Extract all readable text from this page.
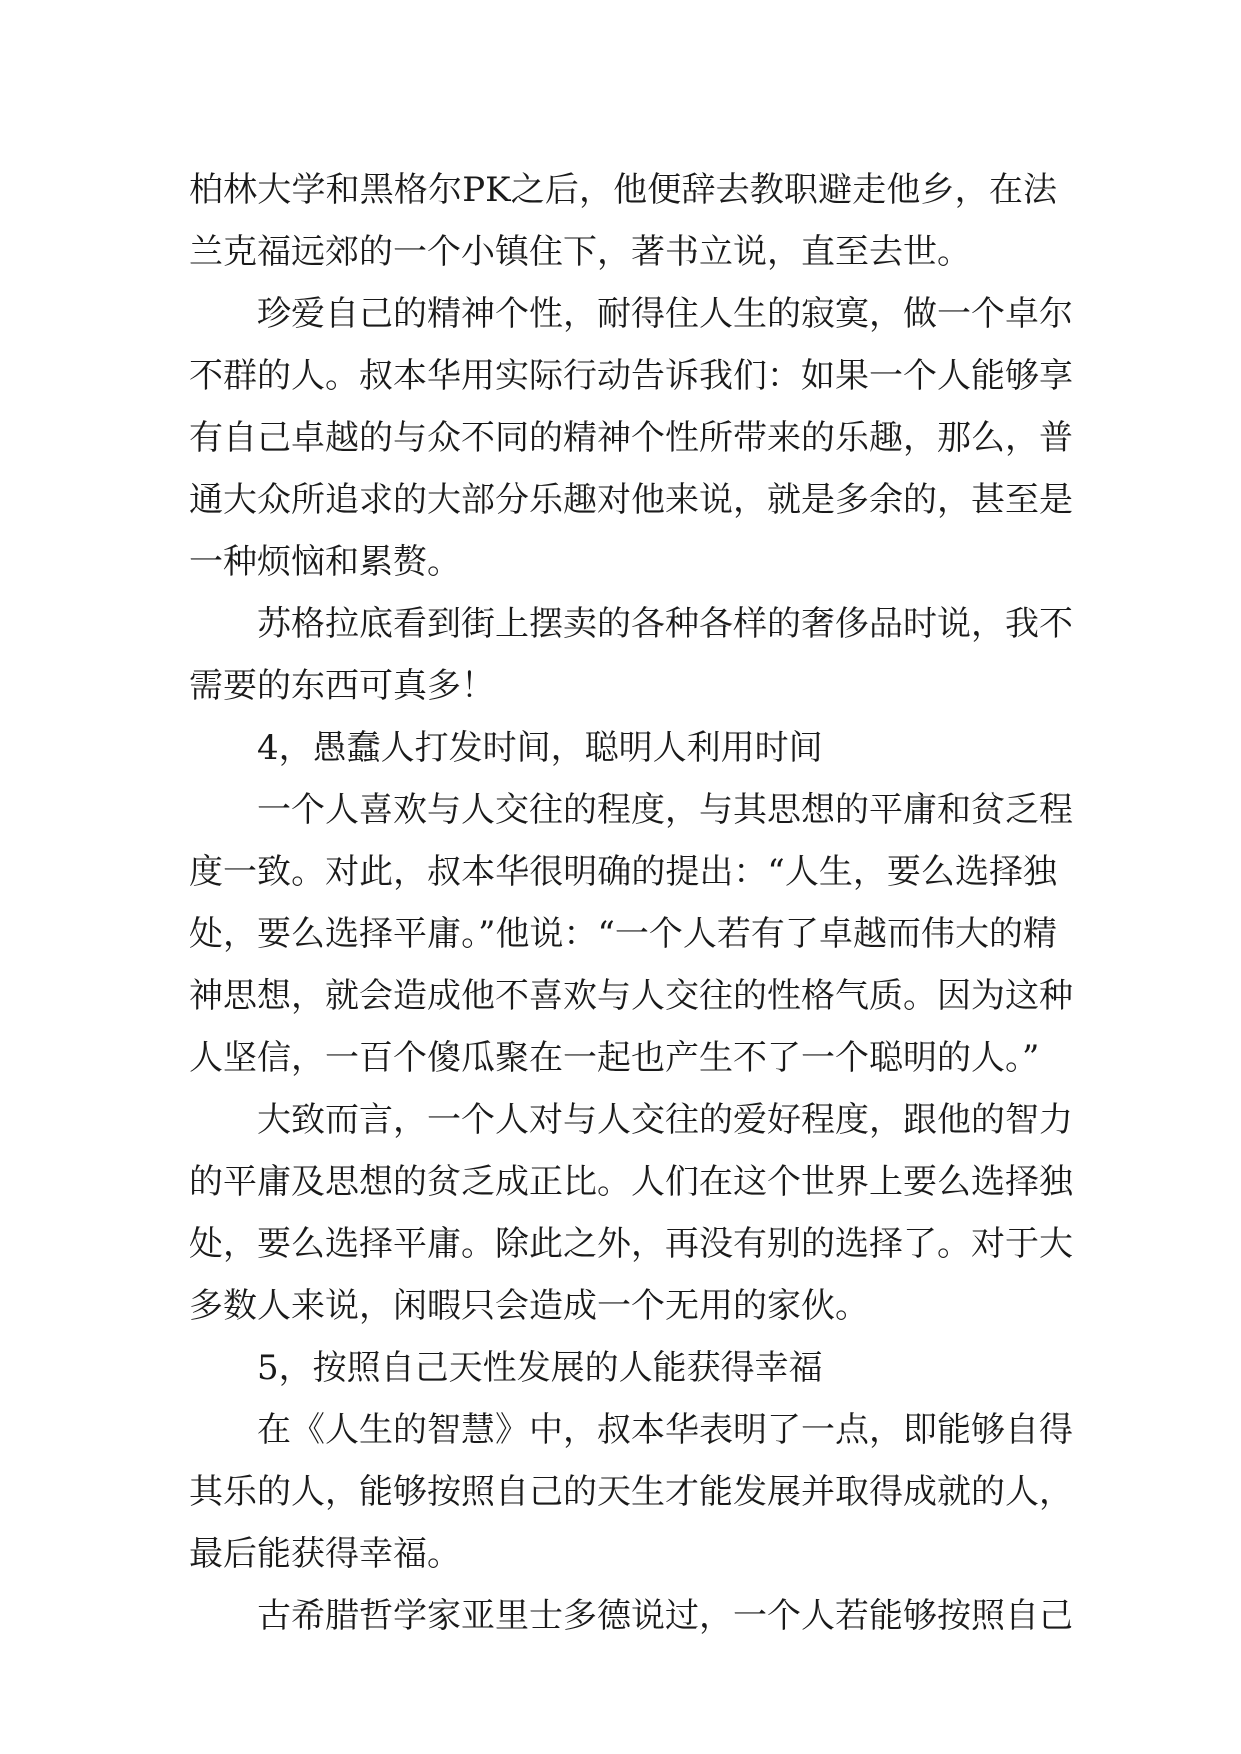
柏林大学和黑格尔PK之后，他便辞去教职避走他乡，在法
兰克福远郊的一个小镇住下，著书立说，直至去世。
珍爱自己的精神个性，耐得住人生的寂寞，做一个卓尔
不群的人。叔本华用实际行动告诉我们：如果一个人能够享
有自己卓越的与众不同的精神个性所带来的乐趣，那么，普
通大众所追求的大部分乐趣对他来说，就是多余的，甚至是
一种烦恼和累赘。
苏格拉底看到街上摆卖的各种各样的奢侈品时说，我不
需要的东西可真多！
4，愚蠢人打发时间，聪明人利用时间
一个人喜欢与人交往的程度，与其思想的平庸和贫乏程
度一致。对此，叔本华很明确的提出：“人生，要么选择独
处，要么选择平庸。”他说：“一个人若有了卓越而伟大的精
神思想，就会造成他不喜欢与人交往的性格气质。因为这种
人坚信，一百个傻瓜聚在一起也产生不了一个聪明的人。”
大致而言，一个人对与人交往的爱好程度，跟他的智力
的平庸及思想的贫乏成正比。人们在这个世界上要么选择独
处，要么选择平庸。除此之外，再没有别的选择了。对于大
多数人来说，闲暇只会造成一个无用的家伙。
5，按照自己天性发展的人能获得幸福
在《人生的智慧》中，叔本华表明了一点，即能够自得
其乐的人，能够按照自己的天生才能发展并取得成就的人，
最后能获得幸福。
古希腊哲学家亚里士多德说过，一个人若能够按照自己
